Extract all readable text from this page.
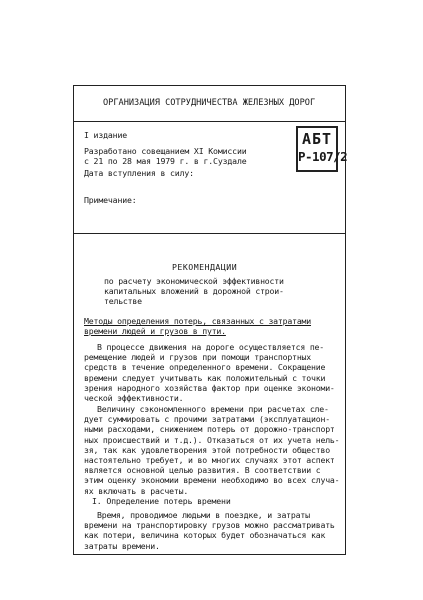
ОРГАНИЗАЦИЯ СОТРУДНИЧЕСТВА ЖЕЛЕЗНЫХ ДОРОГ
I издание
Разработано совещанием XI Комиссии
с 21 по 28 мая 1979 г. в г.Суздале
Дата вступления в силу:
Примечание:
АБТ
Р-107/2
РЕКОМЕНДАЦИИ
по расчету экономической эффективности
капитальных вложений в дорожной строи-
тельстве
Методы определения потерь, связанных с затратами
времени людей и грузов в пути.
В процессе движения на дороге осуществляется пе-
ремещение людей и грузов при помощи транспортных
средств в течение определенного времени. Сокращение
времени следует учитывать как положительный с точки
зрения народного хозяйства фактор при оценке экономи-
ческой эффективности.
Величину сэкономленного времени при расчетах сле-
дует суммировать с прочими затратами (эксплуатацион-
ными расходами, снижением потерь от дорожно-транспорт
ных происшествий и т.д.). Отказаться от их учета нель-
зя, так как удовлетворения этой потребности общество
настоятельно требует, и во многих случаях этот аспект
является основной целью развития. В соответствии с
этим оценку экономии времени необходимо во всех случа-
ях включать в расчеты.
I. Определение потерь времени
Время, проводимое людьми в поездке, и затраты
времени на транспортировку грузов можно рассматривать
как потери, величина которых будет обозначаться как
затраты времени.
